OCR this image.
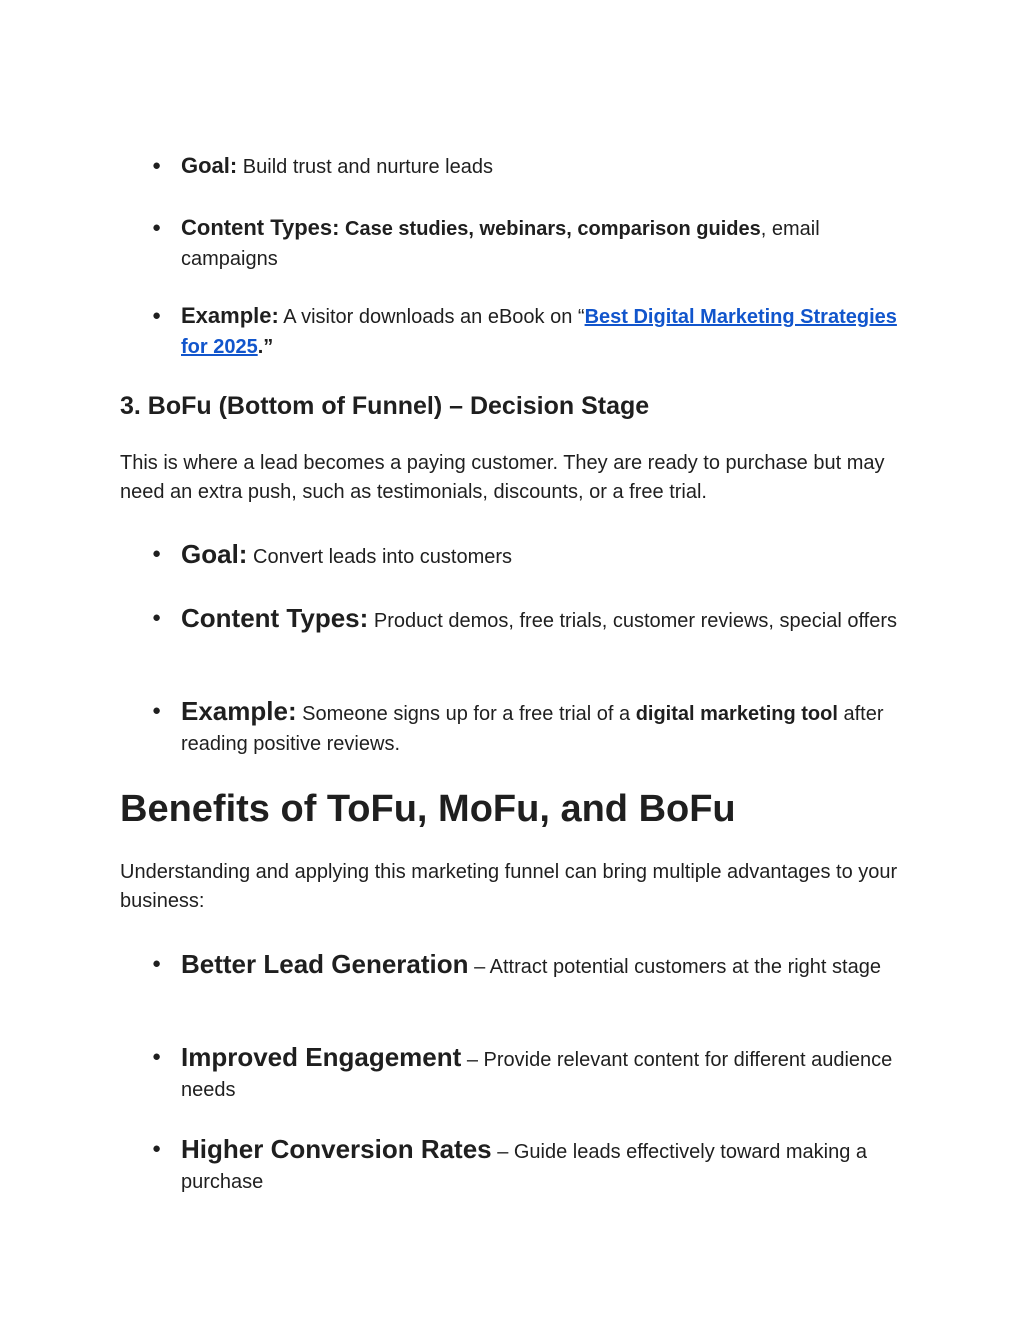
● Goal: Build trust and nurture leads
● Content Types: Case studies, webinars, comparison guides, email campaigns
● Example: A visitor downloads an eBook on “Best Digital Marketing Strategies for 2025.”
3. BoFu (Bottom of Funnel) – Decision Stage

This is where a lead becomes a paying customer. They are ready to purchase but may need an extra push, such as testimonials, discounts, or a free trial.

● Goal: Convert leads into customers
● Content Types: Product demos, free trials, customer reviews, special offers
● Example: Someone signs up for a free trial of a digital marketing tool after reading positive reviews.
Benefits of ToFu, MoFu, and BoFu

Understanding and applying this marketing funnel can bring multiple advantages to your business:

● Better Lead Generation – Attract potential customers at the right stage
● Improved Engagement – Provide relevant content for different audience needs
● Higher Conversion Rates – Guide leads effectively toward making a purchase
